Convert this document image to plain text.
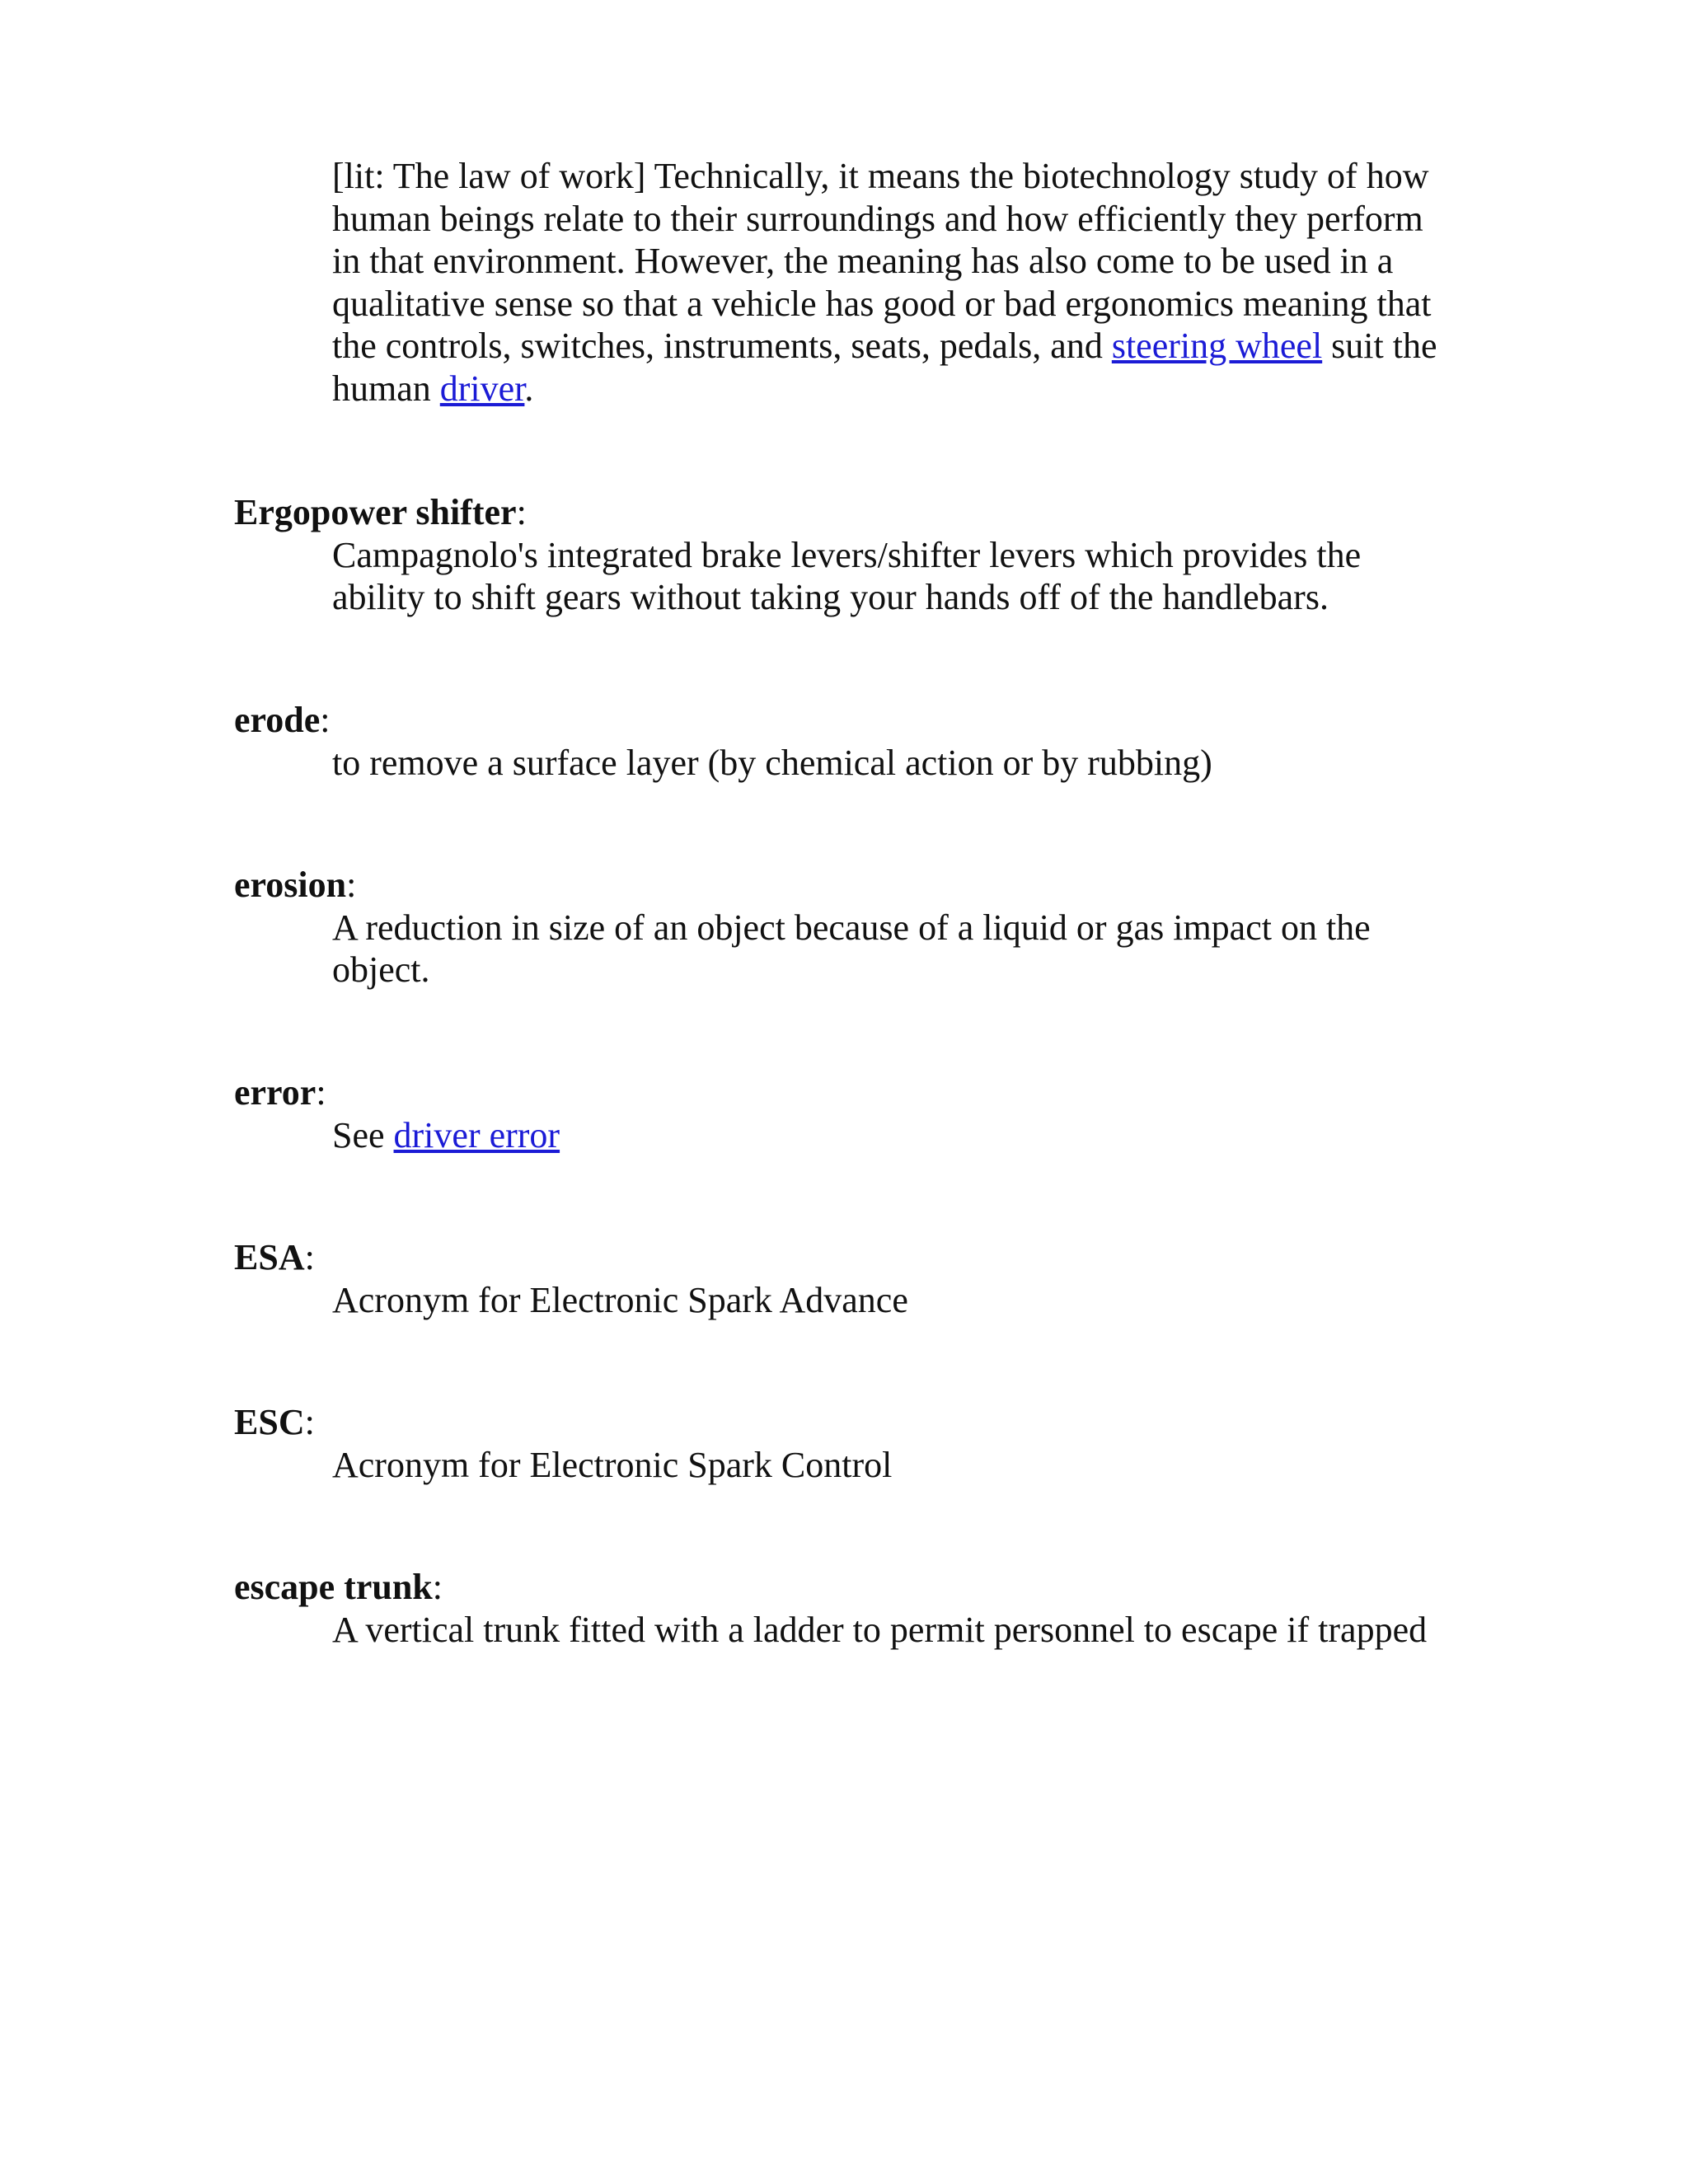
[lit: The law of work] Technically, it means the biotechnology study of how human beings relate to their surroundings and how efficiently they perform in that environment. However, the meaning has also come to be used in a qualitative sense so that a vehicle has good or bad ergonomics meaning that the controls, switches, instruments, seats, pedals, and steering wheel suit the human driver.
Ergopower shifter:
Campagnolo's integrated brake levers/shifter levers which provides the ability to shift gears without taking your hands off of the handlebars.
erode:
to remove a surface layer (by chemical action or by rubbing)
erosion:
A reduction in size of an object because of a liquid or gas impact on the object.
error:
See driver error
ESA:
Acronym for Electronic Spark Advance
ESC:
Acronym for Electronic Spark Control
escape trunk:
A vertical trunk fitted with a ladder to permit personnel to escape if trapped
